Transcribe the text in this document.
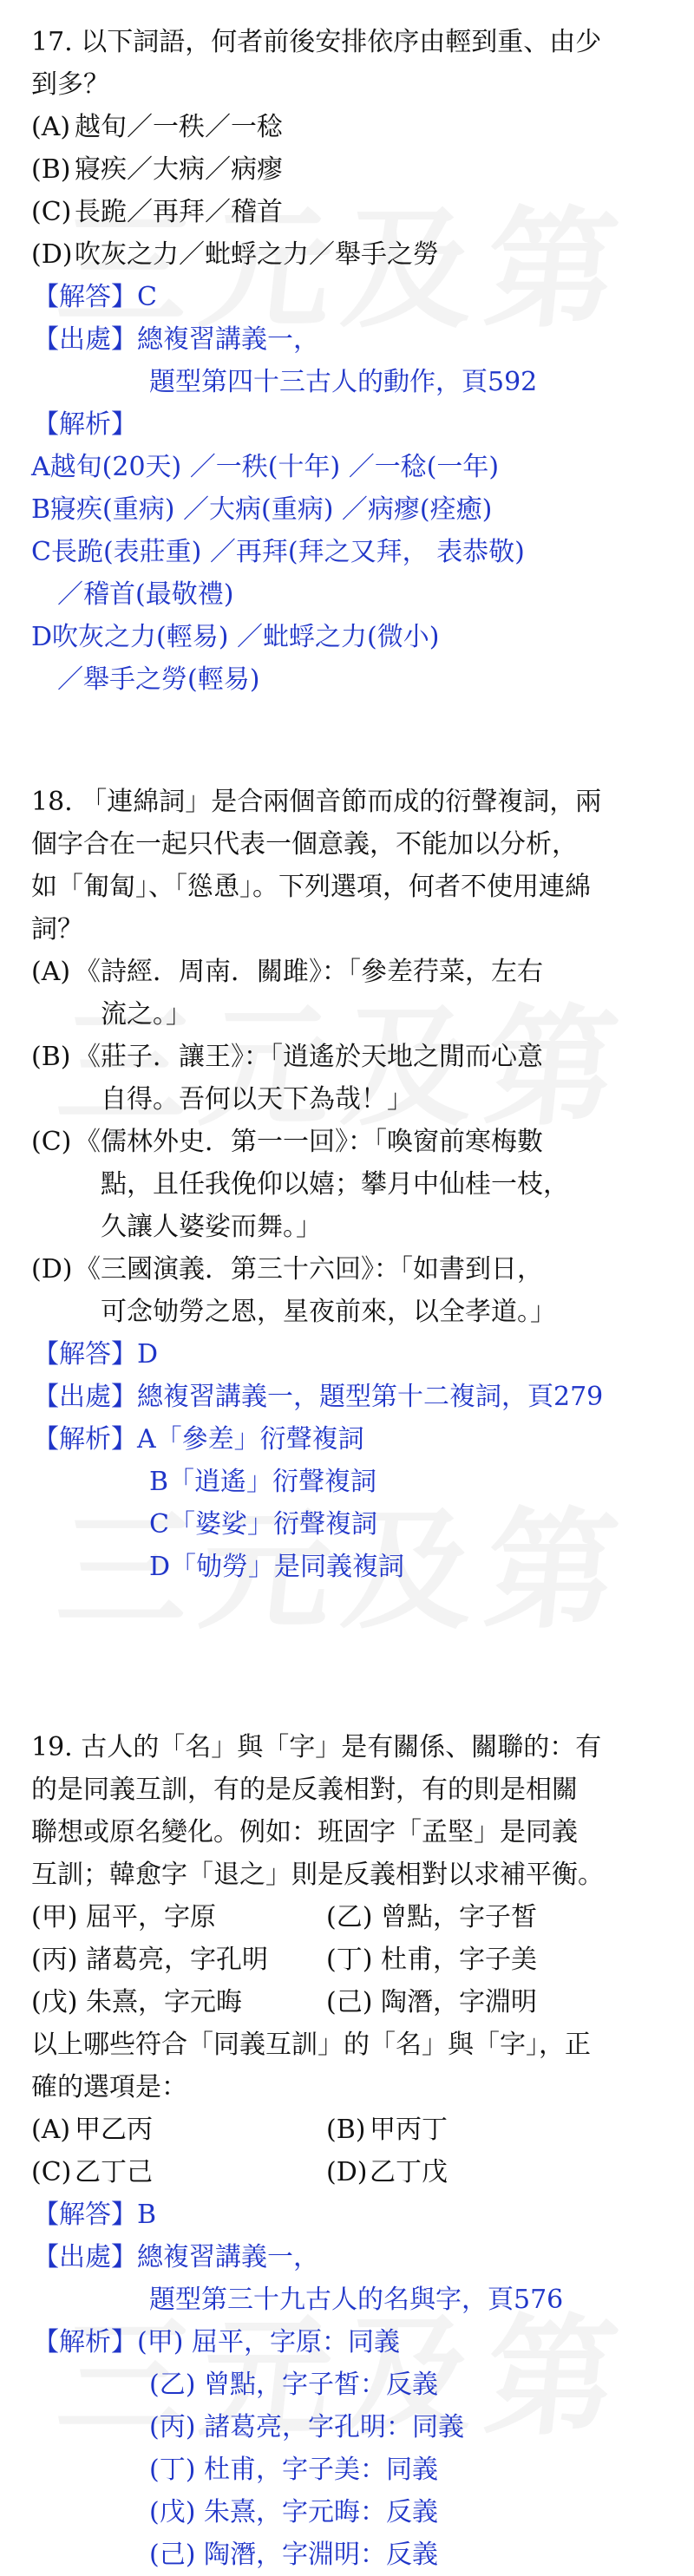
17. 以下詞語，何者前後安排依序由輕到重、由少

到多？

(A) 越旬／一秩／一稔
(B) 寢疾／大病／病瘳
(C) 長跪／再拜／稽首
(D) 吹灰之力／蚍蜉之力／舉手之勞
【解答】 C
【出處】 總複習講義一，
題型第四十三古人的動作，頁592
【解析】
A越旬(20天) ／一秩(十年) ／一稔(一年)
B寢疾(重病) ／大病(重病) ／病瘳(痊癒)
C長跪(表莊重) ／再拜(拜之又拜， 表恭敬)
／稽首(最敬禮)
D吹灰之力(輕易) ／蚍蜉之力(微小)
／舉手之勞(輕易)

18. 「連綿詞」是合兩個音節而成的衍聲複詞，兩

個字合在一起只代表一個意義，不能加以分析，

如「匍匐」、「慫恿」。下列選項，何者不使用連綿

詞？

(A) 《詩經．周南．關雎》：「參差荇菜，左右
流之。」
(B) 《莊子．讓王》：「逍遙於天地之閒而心意
自得。吾何以天下為哉！」
(C) 《儒林外史．第一一回》：「喚窗前寒梅數
點，且任我俛仰以嬉；攀月中仙桂一枝，
久讓人婆娑而舞。」
(D) 《三國演義．第三十六回》：「如書到日，
可念劬勞之恩，星夜前來，以全孝道。」
【解答】 D
【出處】 總複習講義一，題型第十二複詞，頁279
【解析】 A「參差」衍聲複詞
B「逍遙」衍聲複詞
C「婆娑」衍聲複詞
D「劬勞」是同義複詞

19. 古人的「名」與「字」是有關係、關聯的：有

的是同義互訓，有的是反義相對，有的則是相關

聯想或原名變化。例如：班固字「孟堅」是同義

互訓；韓愈字「退之」則是反義相對以求補平衡。

(甲) 屈平，字原	(乙) 曾點，字子皙
(丙) 諸葛亮，字孔明	(丁) 杜甫，字子美
(戊) 朱熹，字元晦	(己) 陶潛，字淵明

以上哪些符合「同義互訓」的「名」與「字」，正

確的選項是：

(A) 甲乙丙	(B) 甲丙丁
(C) 乙丁己	(D) 乙丁戊
【解答】 B
【出處】 總複習講義一，
題型第三十九古人的名與字，頁576
【解析】 (甲) 屈平，字原：同義
(乙) 曾點，字子皙：反義
(丙) 諸葛亮，字孔明：同義
(丁) 杜甫，字子美：同義
(戊) 朱熹，字元晦：反義
(己) 陶潛，字淵明：反義
